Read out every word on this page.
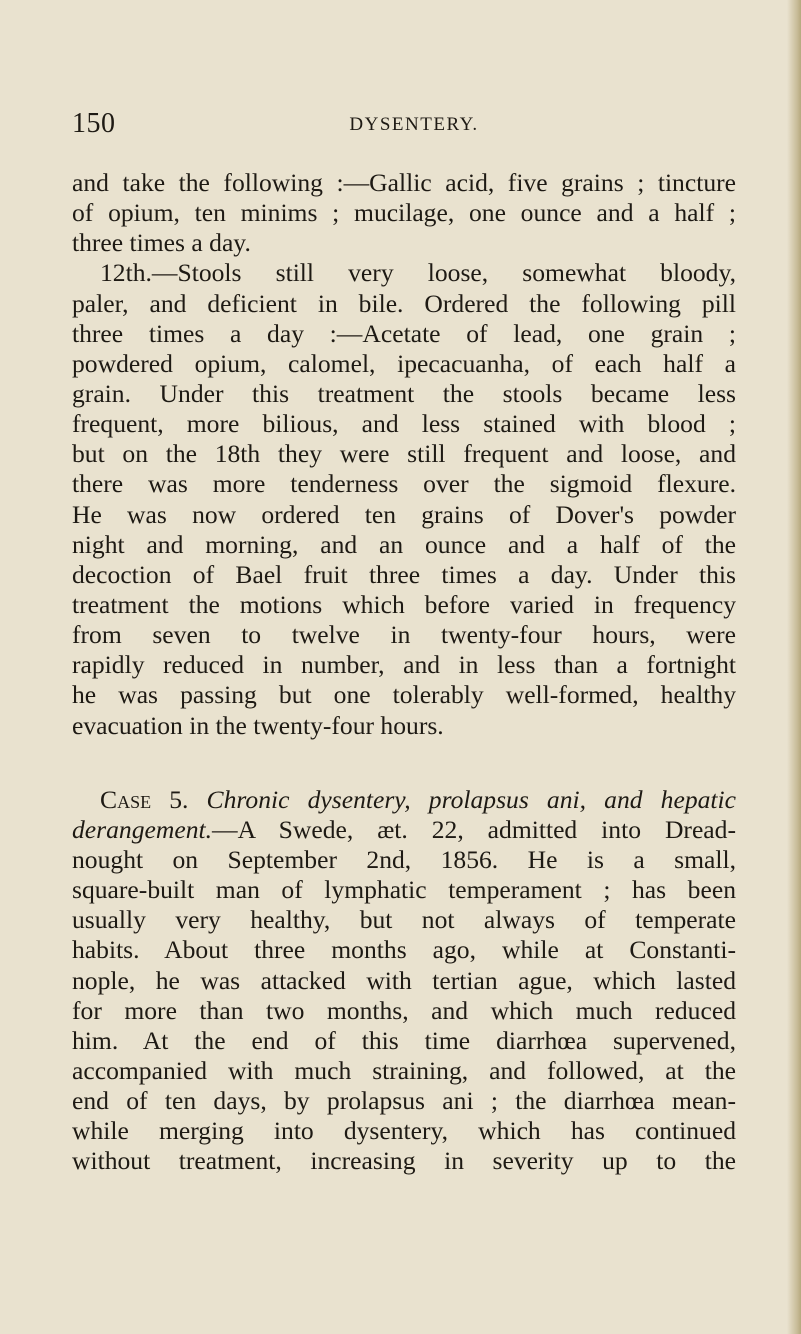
150	DYSENTERY.
and take the following :—Gallic acid, five grains ; tincture
of opium, ten minims ; mucilage, one ounce and a half ;
three times a day.
12th.—Stools still very loose, somewhat bloody,
paler, and deficient in bile. Ordered the following pill
three times a day :—Acetate of lead, one grain ;
powdered opium, calomel, ipecacuanha, of each half a
grain. Under this treatment the stools became less
frequent, more bilious, and less stained with blood ;
but on the 18th they were still frequent and loose, and
there was more tenderness over the sigmoid flexure.
He was now ordered ten grains of Dover's powder
night and morning, and an ounce and a half of the
decoction of Bael fruit three times a day. Under this
treatment the motions which before varied in frequency
from seven to twelve in twenty-four hours, were
rapidly reduced in number, and in less than a fortnight
he was passing but one tolerably well-formed, healthy
evacuation in the twenty-four hours.
Case 5. Chronic dysentery, prolapsus ani, and hepatic
derangement.—A Swede, æt. 22, admitted into Dread-
nought on September 2nd, 1856. He is a small,
square-built man of lymphatic temperament ; has been
usually very healthy, but not always of temperate
habits. About three months ago, while at Constanti-
nople, he was attacked with tertian ague, which lasted
for more than two months, and which much reduced
him. At the end of this time diarrhœa supervened,
accompanied with much straining, and followed, at the
end of ten days, by prolapsus ani ; the diarrhœa mean-
while merging into dysentery, which has continued
without treatment, increasing in severity up to the
